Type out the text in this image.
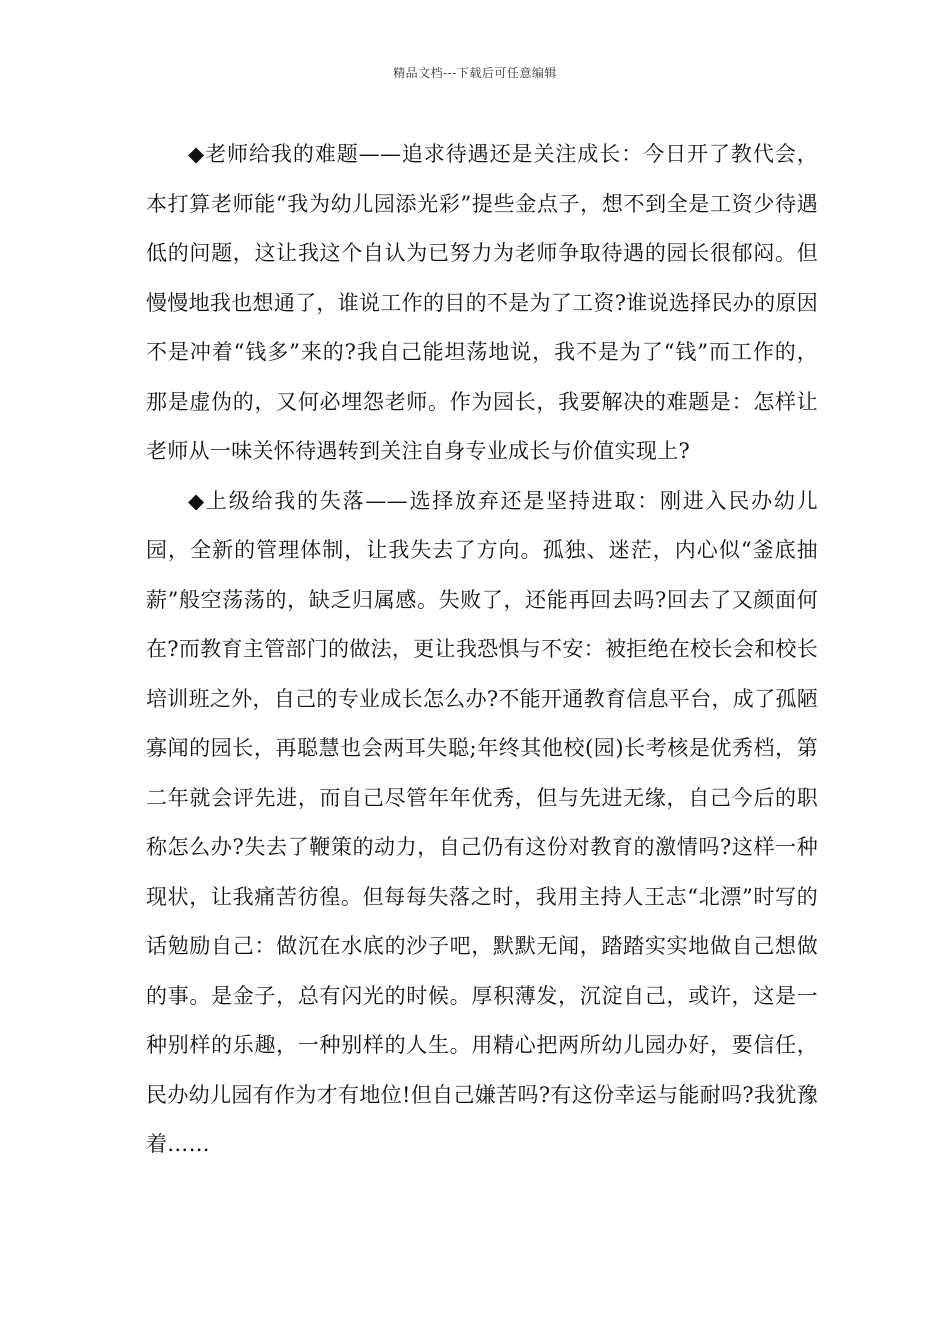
精品文档---下载后可任意编辑

◆老师给我的难题——追求待遇还是关注成长：今日开了教代会，本打算老师能“我为幼儿园添光彩”提些金点子，想不到全是工资少待遇低的问题，这让我这个自认为已努力为老师争取待遇的园长很郁闷。但慢慢地我也想通了，谁说工作的目的不是为了工资?谁说选择民办的原因不是冲着“钱多”来的?我自己能坦荡地说，我不是为了“钱”而工作的，那是虚伪的，又何必埋怨老师。作为园长，我要解决的难题是：怎样让老师从一味关怀待遇转到关注自身专业成长与价值实现上?

◆上级给我的失落——选择放弃还是坚持进取：刚进入民办幼儿园，全新的管理体制，让我失去了方向。孤独、迷茫，内心似“釜底抽薪”般空荡荡的，缺乏归属感。失败了，还能再回去吗?回去了又颜面何在?而教育主管部门的做法，更让我恐惧与不安：被拒绝在校长会和校长培训班之外，自己的专业成长怎么办?不能开通教育信息平台，成了孤陋寡闻的园长，再聪慧也会两耳失聪;年终其他校(园)长考核是优秀档，第二年就会评先进，而自己尽管年年优秀，但与先进无缘，自己今后的职称怎么办?失去了鞭策的动力，自己仍有这份对教育的激情吗?这样一种现状，让我痛苦彷徨。但每每失落之时，我用主持人王志“北漂”时写的话勉励自己：做沉在水底的沙子吧，默默无闻，踏踏实实地做自己想做的事。是金子，总有闪光的时候。厚积薄发，沉淀自己，或许，这是一种别样的乐趣，一种别样的人生。用精心把两所幼儿园办好，要信任，民办幼儿园有作为才有地位!但自己嫌苦吗?有这份幸运与能耐吗?我犹豫着……
